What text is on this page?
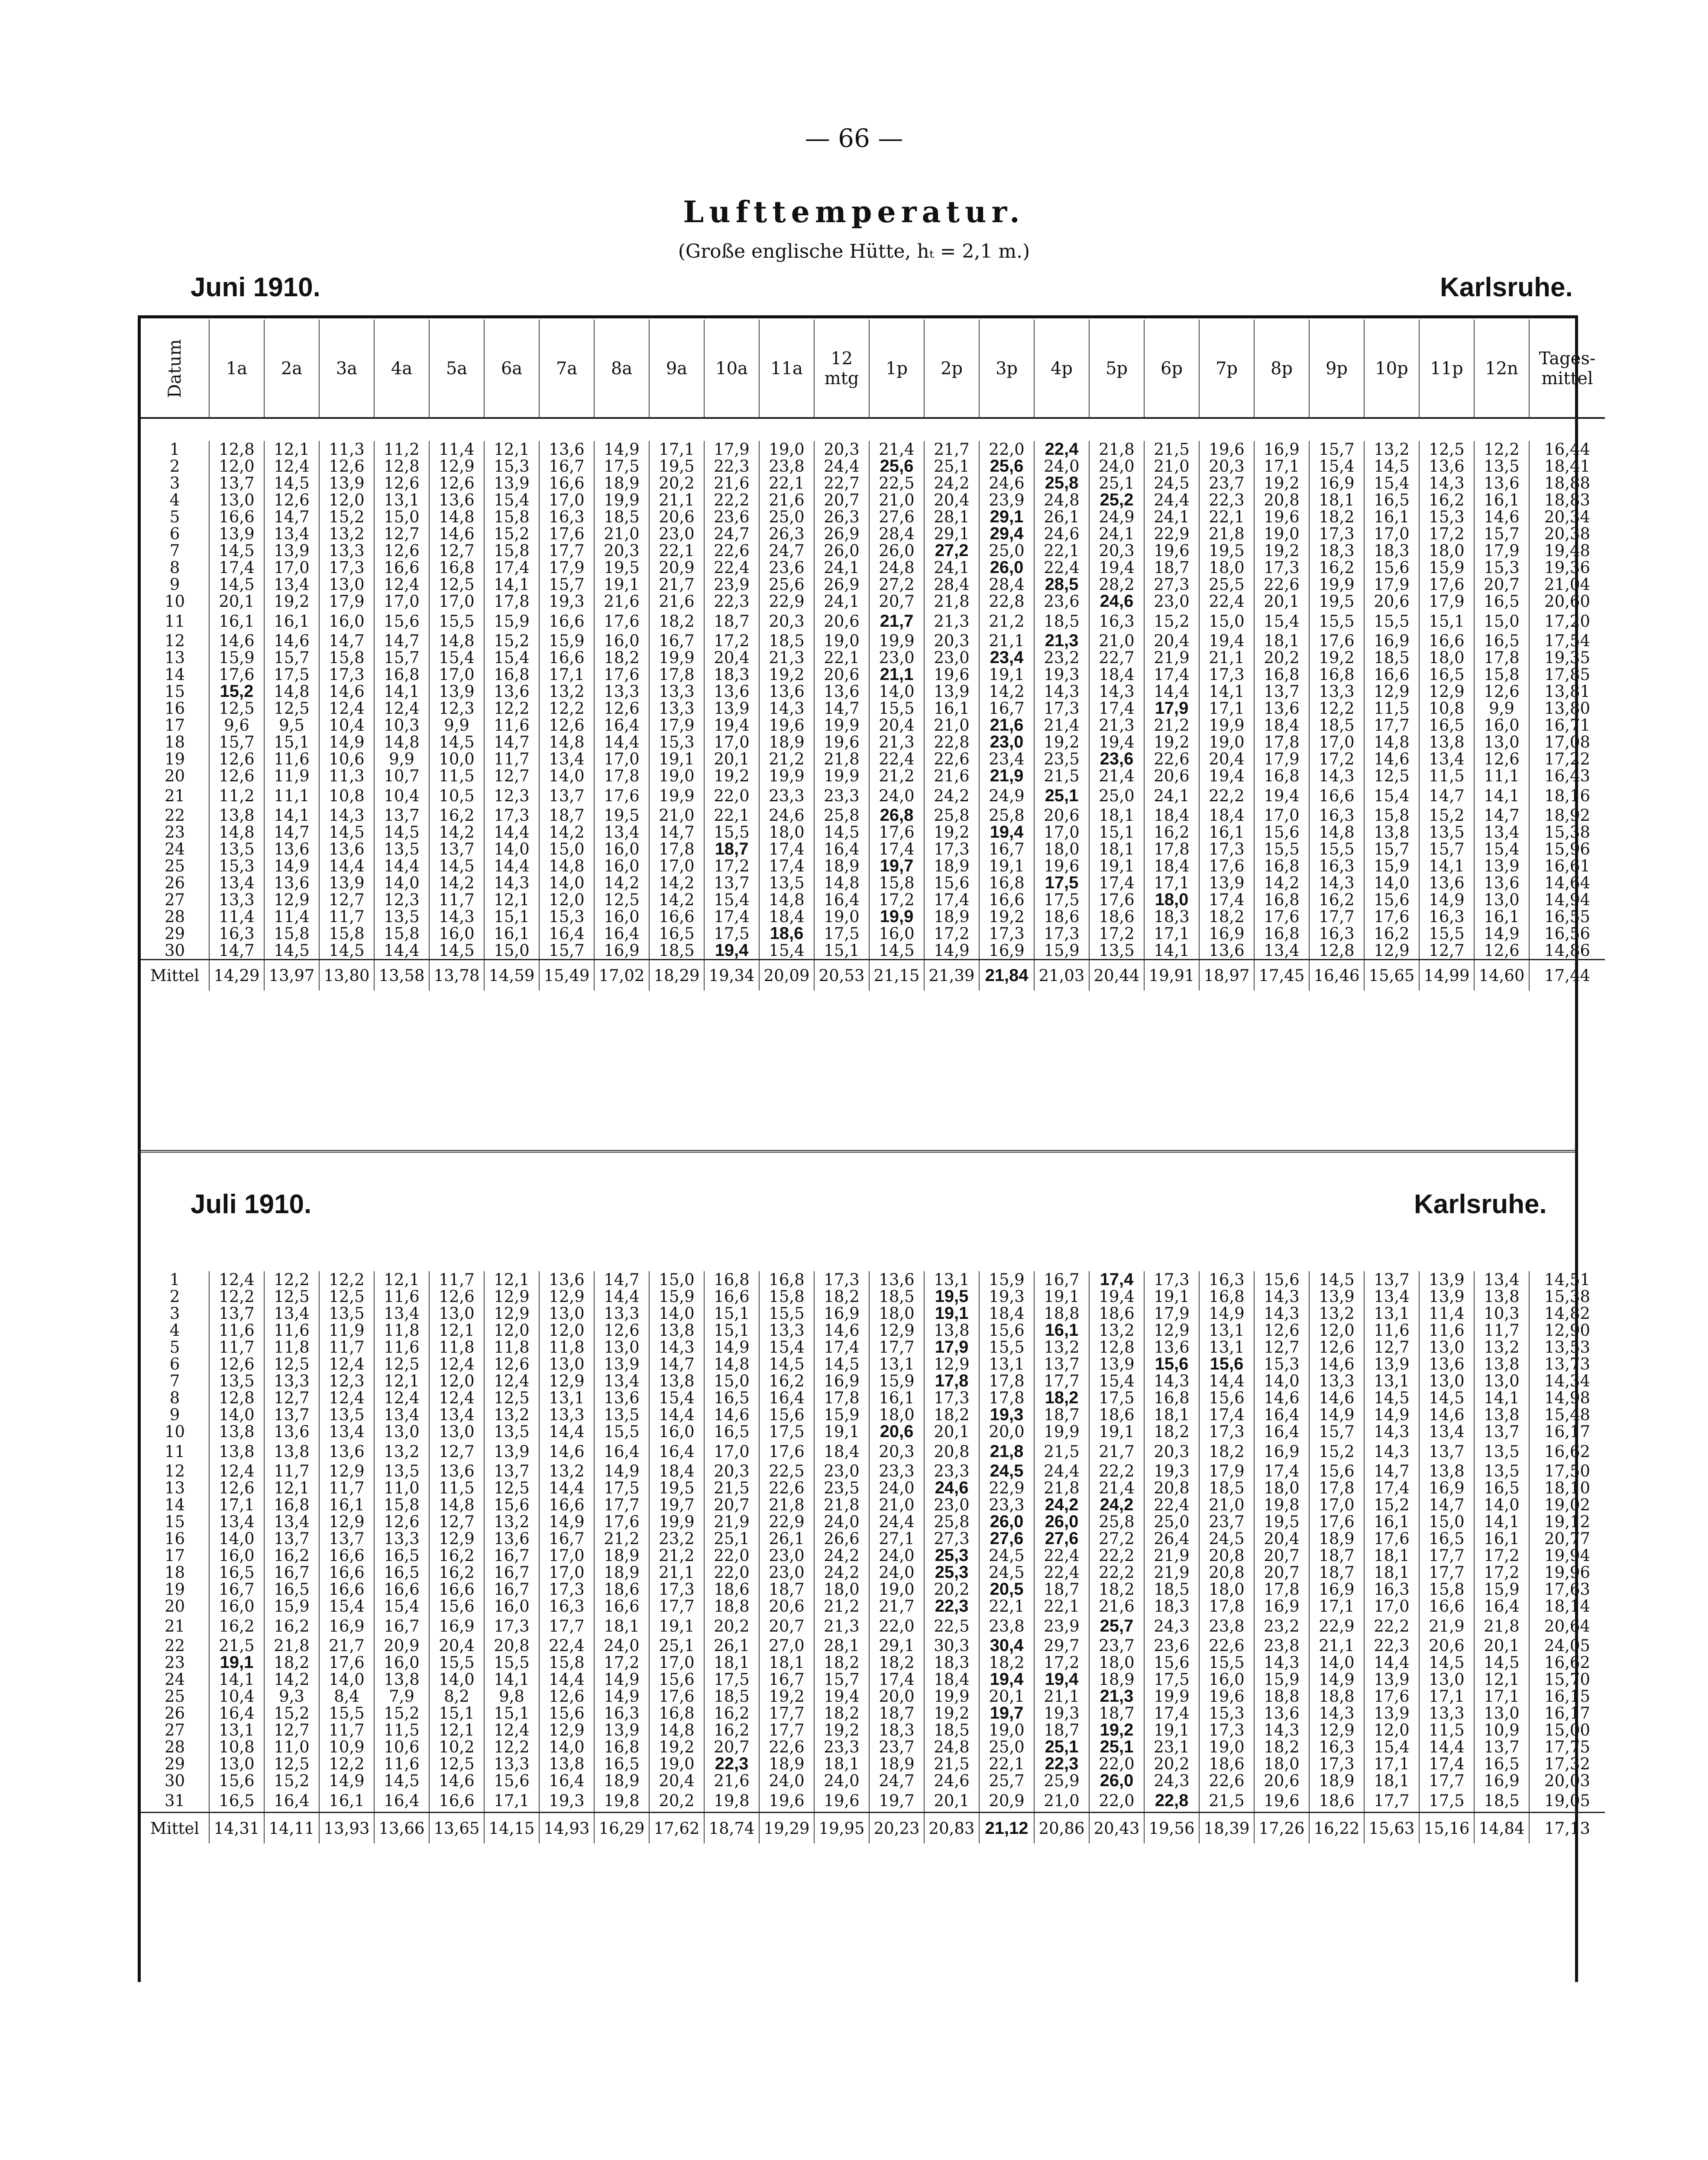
— 66 —
Lufttemperatur.
(Große englische Hütte, hₜ = 2,1 m.)
Juni 1910.	Karlsruhe.
Datum	1a	2a	3a	4a	5a	6a	7a	8a	9a	10a	11a	12 mtg	1p	2p	3p	4p	5p	6p	7p	8p	9p	10p	11p	12n	Tages-mittel
1	12,8	12,1	11,3	11,2	11,4	12,1	13,6	14,9	17,1	17,9	19,0	20,3	21,4	21,7	22,0	22,4	21,8	21,5	19,6	16,9	15,7	13,2	12,5	12,2	16,44
2	12,0	12,4	12,6	12,8	12,9	15,3	16,7	17,5	19,5	22,3	23,8	24,4	25,6	25,1	25,6	24,0	24,0	21,0	20,3	17,1	15,4	14,5	13,6	13,5	18,41
3	13,7	14,5	13,9	12,6	12,6	13,9	16,6	18,9	20,2	21,6	22,1	22,7	22,5	24,2	24,6	25,8	25,1	24,5	23,7	19,2	16,9	15,4	14,3	13,6	18,88
4	13,0	12,6	12,0	13,1	13,6	15,4	17,0	19,9	21,1	22,2	21,6	20,7	21,0	20,4	23,9	24,8	25,2	24,4	22,3	20,8	18,1	16,5	16,2	16,1	18,83
5	16,6	14,7	15,2	15,0	14,8	15,8	16,3	18,5	20,6	23,6	25,0	26,3	27,6	28,1	29,1	26,1	24,9	24,1	22,1	19,6	18,2	16,1	15,3	14,6	20,34
6	13,9	13,4	13,2	12,7	14,6	15,2	17,6	21,0	23,0	24,7	26,3	26,9	28,4	29,1	29,4	24,6	24,1	22,9	21,8	19,0	17,3	17,0	17,2	15,7	20,38
7	14,5	13,9	13,3	12,6	12,7	15,8	17,7	20,3	22,1	22,6	24,7	26,0	26,0	27,2	25,0	22,1	20,3	19,6	19,5	19,2	18,3	18,3	18,0	17,9	19,48
8	17,4	17,0	17,3	16,6	16,8	17,4	17,9	19,5	20,9	22,4	23,6	24,1	24,8	24,1	26,0	22,4	19,4	18,7	18,0	17,3	16,2	15,6	15,9	15,3	19,36
9	14,5	13,4	13,0	12,4	12,5	14,1	15,7	19,1	21,7	23,9	25,6	26,9	27,2	28,4	28,4	28,5	28,2	27,3	25,5	22,6	19,9	17,9	17,6	20,7	21,04
10	20,1	19,2	17,9	17,0	17,0	17,8	19,3	21,6	21,6	22,3	22,9	24,1	20,7	21,8	22,8	23,6	24,6	23,0	22,4	20,1	19,5	20,6	17,9	16,5	20,60
11	16,1	16,1	16,0	15,6	15,5	15,9	16,6	17,6	18,2	18,7	20,3	20,6	21,7	21,3	21,2	18,5	16,3	15,2	15,0	15,4	15,5	15,5	15,1	15,0	17,20
12	14,6	14,6	14,7	14,7	14,8	15,2	15,9	16,0	16,7	17,2	18,5	19,0	19,9	20,3	21,1	21,3	21,0	20,4	19,4	18,1	17,6	16,9	16,6	16,5	17,54
13	15,9	15,7	15,8	15,7	15,4	15,4	16,6	18,2	19,9	20,4	21,3	22,1	23,0	23,0	23,4	23,2	22,7	21,9	21,1	20,2	19,2	18,5	18,0	17,8	19,35
14	17,6	17,5	17,3	16,8	17,0	16,8	17,1	17,6	17,8	18,3	19,2	20,6	21,1	19,6	19,1	19,3	18,4	17,4	17,3	16,8	16,8	16,6	16,5	15,8	17,85
15	15,2	14,8	14,6	14,1	13,9	13,6	13,2	13,3	13,3	13,6	13,6	13,6	14,0	13,9	14,2	14,3	14,3	14,4	14,1	13,7	13,3	12,9	12,9	12,6	13,81
16	12,5	12,5	12,4	12,4	12,3	12,2	12,2	12,6	13,3	13,9	14,3	14,7	15,5	16,1	16,7	17,3	17,4	17,9	17,1	13,6	12,2	11,5	10,8	9,9	13,80
17	9,6	9,5	10,4	10,3	9,9	11,6	12,6	16,4	17,9	19,4	19,6	19,9	20,4	21,0	21,6	21,4	21,3	21,2	19,9	18,4	18,5	17,7	16,5	16,0	16,71
18	15,7	15,1	14,9	14,8	14,5	14,7	14,8	14,4	15,3	17,0	18,9	19,6	21,3	22,8	23,0	19,2	19,4	19,2	19,0	17,8	17,0	14,8	13,8	13,0	17,08
19	12,6	11,6	10,6	9,9	10,0	11,7	13,4	17,0	19,1	20,1	21,2	21,8	22,4	22,6	23,4	23,5	23,6	22,6	20,4	17,9	17,2	14,6	13,4	12,6	17,22
20	12,6	11,9	11,3	10,7	11,5	12,7	14,0	17,8	19,0	19,2	19,9	19,9	21,2	21,6	21,9	21,5	21,4	20,6	19,4	16,8	14,3	12,5	11,5	11,1	16,43
21	11,2	11,1	10,8	10,4	10,5	12,3	13,7	17,6	19,9	22,0	23,3	23,3	24,0	24,2	24,9	25,1	25,0	24,1	22,2	19,4	16,6	15,4	14,7	14,1	18,16
22	13,8	14,1	14,3	13,7	16,2	17,3	18,7	19,5	21,0	22,1	24,6	25,8	26,8	25,8	25,8	20,6	18,1	18,4	18,4	17,0	16,3	15,8	15,2	14,7	18,92
23	14,8	14,7	14,5	14,5	14,2	14,4	14,2	13,4	14,7	15,5	18,0	14,5	17,6	19,2	19,4	17,0	15,1	16,2	16,1	15,6	14,8	13,8	13,5	13,4	15,38
24	13,5	13,6	13,6	13,5	13,7	14,0	15,0	16,0	17,8	18,7	17,4	16,4	17,4	17,3	16,7	18,0	18,1	17,8	17,3	15,5	15,5	15,7	15,7	15,4	15,96
25	15,3	14,9	14,4	14,4	14,5	14,4	14,8	16,0	17,0	17,2	17,4	18,9	19,7	18,9	19,1	19,6	19,1	18,4	17,6	16,8	16,3	15,9	14,1	13,9	16,61
26	13,4	13,6	13,9	14,0	14,2	14,3	14,0	14,2	14,2	13,7	13,5	14,8	15,8	15,6	16,8	17,5	17,4	17,1	13,9	14,2	14,3	14,0	13,6	13,6	14,64
27	13,3	12,9	12,7	12,3	11,7	12,1	12,0	12,5	14,2	15,4	14,8	16,4	17,2	17,4	16,6	17,5	17,6	18,0	17,4	16,8	16,2	15,6	14,9	13,0	14,94
28	11,4	11,4	11,7	13,5	14,3	15,1	15,3	16,0	16,6	17,4	18,4	19,0	19,9	18,9	19,2	18,6	18,6	18,3	18,2	17,6	17,7	17,6	16,3	16,1	16,55
29	16,3	15,8	15,8	15,8	16,0	16,1	16,4	16,4	16,5	17,5	18,6	17,5	16,0	17,2	17,3	17,3	17,2	17,1	16,9	16,8	16,3	16,2	15,5	14,9	16,56
30	14,7	14,5	14,5	14,4	14,5	15,0	15,7	16,9	18,5	19,4	15,4	15,1	14,5	14,9	16,9	15,9	13,5	14,1	13,6	13,4	12,8	12,9	12,7	12,6	14,86
Mittel	14,29	13,97	13,80	13,58	13,78	14,59	15,49	17,02	18,29	19,34	20,09	20,53	21,15	21,39	21,84	21,03	20,44	19,91	18,97	17,45	16,46	15,65	14,99	14,60	17,44
Juli 1910.	Karlsruhe.
1	12,4	12,2	12,2	12,1	11,7	12,1	13,6	14,7	15,0	16,8	16,8	17,3	13,6	13,1	15,9	16,7	17,4	17,3	16,3	15,6	14,5	13,7	13,9	13,4	14,51
2	12,2	12,5	12,5	11,6	12,6	12,9	12,9	14,4	15,9	16,6	15,8	18,2	18,5	19,5	19,3	19,1	19,4	19,1	16,8	14,3	13,9	13,4	13,9	13,8	15,38
3	13,7	13,4	13,5	13,4	13,0	12,9	13,0	13,3	14,0	15,1	15,5	16,9	18,0	19,1	18,4	18,8	18,6	17,9	14,9	14,3	13,2	13,1	11,4	10,3	14,82
4	11,6	11,6	11,9	11,8	12,1	12,0	12,0	12,6	13,8	15,1	13,3	14,6	12,9	13,8	15,6	16,1	13,2	12,9	13,1	12,6	12,0	11,6	11,6	11,7	12,90
5	11,7	11,8	11,7	11,6	11,8	11,8	11,8	13,0	14,3	14,9	15,4	17,4	17,7	17,9	15,5	13,2	12,8	13,6	13,1	12,7	12,6	12,7	13,0	13,2	13,53
6	12,6	12,5	12,4	12,5	12,4	12,6	13,0	13,9	14,7	14,8	14,5	14,5	13,1	12,9	13,1	13,7	13,9	15,6	15,6	15,3	14,6	13,9	13,6	13,8	13,73
7	13,5	13,3	12,3	12,1	12,0	12,4	12,9	13,4	13,8	15,0	16,2	16,9	15,9	17,8	17,8	17,7	15,4	14,3	14,4	14,0	13,3	13,1	13,0	13,0	14,34
8	12,8	12,7	12,4	12,4	12,4	12,5	13,1	13,6	15,4	16,5	16,4	17,8	16,1	17,3	17,8	18,2	17,5	16,8	15,6	14,6	14,6	14,5	14,5	14,1	14,98
9	14,0	13,7	13,5	13,4	13,4	13,2	13,3	13,5	14,4	14,6	15,6	15,9	18,0	18,2	19,3	18,7	18,6	18,1	17,4	16,4	14,9	14,9	14,6	13,8	15,48
10	13,8	13,6	13,4	13,0	13,0	13,5	14,4	15,5	16,0	16,5	17,5	19,1	20,6	20,1	20,0	19,9	19,1	18,2	17,3	16,4	15,7	14,3	13,4	13,7	16,17
11	13,8	13,8	13,6	13,2	12,7	13,9	14,6	16,4	16,4	17,0	17,6	18,4	20,3	20,8	21,8	21,5	21,7	20,3	18,2	16,9	15,2	14,3	13,7	13,5	16,62
12	12,4	11,7	12,9	13,5	13,6	13,7	13,2	14,9	18,4	20,3	22,5	23,0	23,3	23,3	24,5	24,4	22,2	19,3	17,9	17,4	15,6	14,7	13,8	13,5	17,50
13	12,6	12,1	11,7	11,0	11,5	12,5	14,4	17,5	19,5	21,5	22,6	23,5	24,0	24,6	22,9	21,8	21,4	20,8	18,5	18,0	17,8	17,4	16,9	16,5	18,10
14	17,1	16,8	16,1	15,8	14,8	15,6	16,6	17,7	19,7	20,7	21,8	21,8	21,0	23,0	23,3	24,2	24,2	22,4	21,0	19,8	17,0	15,2	14,7	14,0	19,02
15	13,4	13,4	12,9	12,6	12,7	13,2	14,9	17,6	19,9	21,9	22,9	24,0	24,4	25,8	26,0	26,0	25,8	25,0	23,7	19,5	17,6	16,1	15,0	14,1	19,12
16	14,0	13,7	13,7	13,3	12,9	13,6	16,7	21,2	23,2	25,1	26,1	26,6	27,1	27,3	27,6	27,6	27,2	26,4	24,5	20,4	18,9	17,6	16,5	16,1	20,77
17	16,0	16,2	16,6	16,5	16,2	16,7	17,0	18,9	21,2	22,0	23,0	24,2	24,0	25,3	24,5	22,4	22,2	21,9	20,8	20,7	18,7	18,1	17,7	17,2	19,94
18	16,5	16,7	16,6	16,5	16,2	16,7	17,0	18,9	21,1	22,0	23,0	24,2	24,0	25,3	24,5	22,4	22,2	21,9	20,8	20,7	18,7	18,1	17,7	17,2	19,96
19	16,7	16,5	16,6	16,6	16,6	16,7	17,3	18,6	17,3	18,6	18,7	18,0	19,0	20,2	20,5	18,7	18,2	18,5	18,0	17,8	16,9	16,3	15,8	15,9	17,63
20	16,0	15,9	15,4	15,4	15,6	16,0	16,3	16,6	17,7	18,8	20,6	21,2	21,7	22,3	22,1	22,1	21,6	18,3	17,8	16,9	17,1	17,0	16,6	16,4	18,14
21	16,2	16,2	16,9	16,7	16,9	17,3	17,7	18,1	19,1	20,2	20,7	21,3	22,0	22,5	23,8	23,9	25,7	24,3	23,8	23,2	22,9	22,2	21,9	21,8	20,64
22	21,5	21,8	21,7	20,9	20,4	20,8	22,4	24,0	25,1	26,1	27,0	28,1	29,1	30,3	30,4	29,7	23,7	23,6	22,6	23,8	21,1	22,3	20,6	20,1	24,05
23	19,1	18,2	17,6	16,0	15,5	15,5	15,8	17,2	17,0	18,1	18,1	18,2	18,2	18,3	18,2	17,2	18,0	15,6	15,5	14,3	14,0	14,4	14,5	14,5	16,62
24	14,1	14,2	14,0	13,8	14,0	14,1	14,4	14,9	15,6	17,5	16,7	15,7	17,4	18,4	19,4	19,4	18,9	17,5	16,0	15,9	14,9	13,9	13,0	12,1	15,70
25	10,4	9,3	8,4	7,9	8,2	9,8	12,6	14,9	17,6	18,5	19,2	19,4	20,0	19,9	20,1	21,1	21,3	19,9	19,6	18,8	18,8	17,6	17,1	17,1	16,15
26	16,4	15,2	15,5	15,2	15,1	15,1	15,6	16,3	16,8	16,2	17,7	18,2	18,7	19,2	19,7	19,3	18,7	17,4	15,3	13,6	14,3	13,9	13,3	13,0	16,17
27	13,1	12,7	11,7	11,5	12,1	12,4	12,9	13,9	14,8	16,2	17,7	19,2	18,3	18,5	19,0	18,7	19,2	19,1	17,3	14,3	12,9	12,0	11,5	10,9	15,00
28	10,8	11,0	10,9	10,6	10,2	12,2	14,0	16,8	19,2	20,7	22,6	23,3	23,7	24,8	25,0	25,1	25,1	23,1	19,0	18,2	16,3	15,4	14,4	13,7	17,75
29	13,0	12,5	12,2	11,6	12,5	13,3	13,8	16,5	19,0	22,3	18,9	18,1	18,9	21,5	22,1	22,3	22,0	20,2	18,6	18,0	17,3	17,1	17,4	16,5	17,32
30	15,6	15,2	14,9	14,5	14,6	15,6	16,4	18,9	20,4	21,6	24,0	24,0	24,7	24,6	25,7	25,9	26,0	24,3	22,6	20,6	18,9	18,1	17,7	16,9	20,03
31	16,5	16,4	16,1	16,4	16,6	17,1	19,3	19,8	20,2	19,8	19,6	19,6	19,7	20,1	20,9	21,0	22,0	22,8	21,5	19,6	18,6	17,7	17,5	18,5	19,05
Mittel	14,31	14,11	13,93	13,66	13,65	14,15	14,93	16,29	17,62	18,74	19,29	19,95	20,23	20,83	21,12	20,86	20,43	19,56	18,39	17,26	16,22	15,63	15,16	14,84	17,13
